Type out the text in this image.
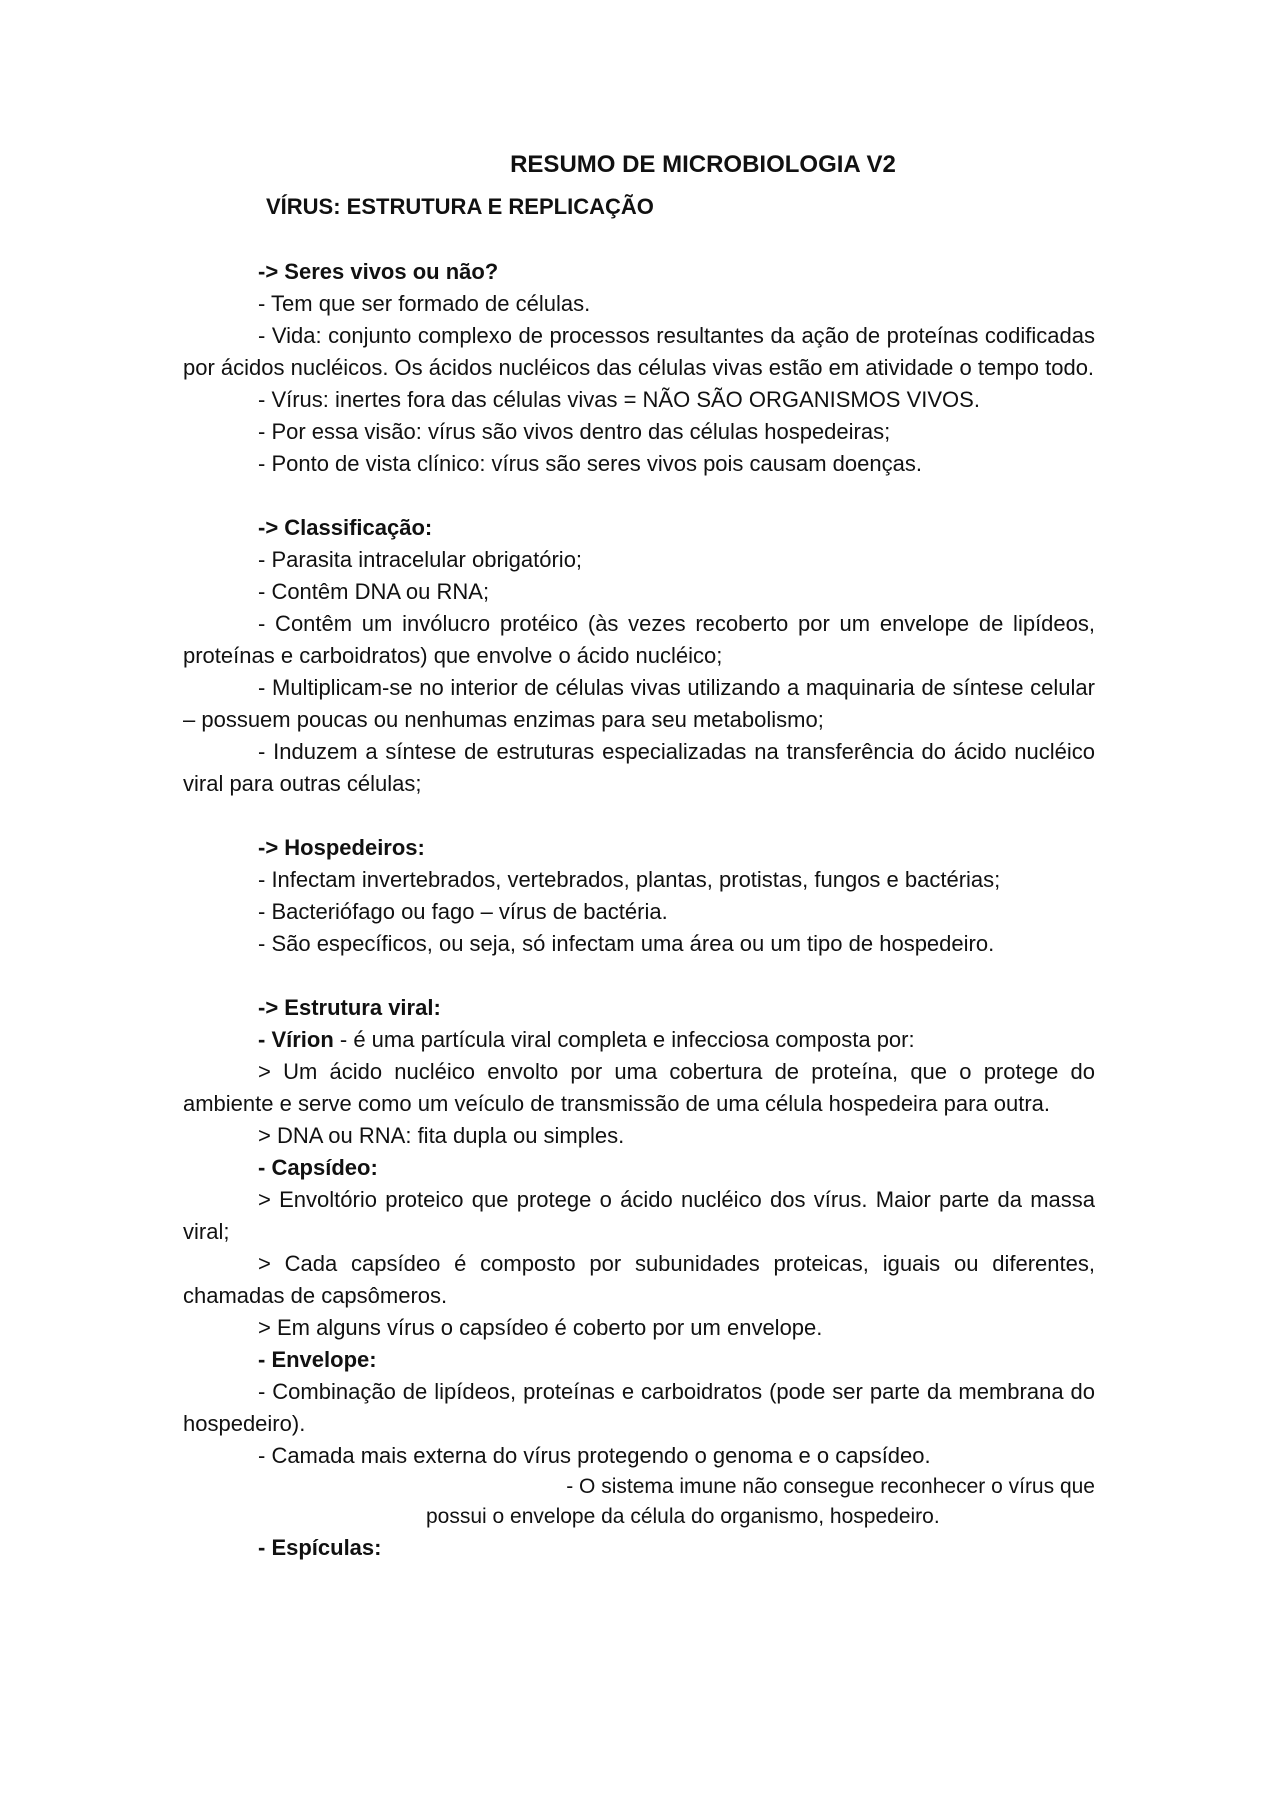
RESUMO DE MICROBIOLOGIA V2
VÍRUS: ESTRUTURA E REPLICAÇÃO

-> Seres vivos ou não?

- Tem que ser formado de células.

- Vida: conjunto complexo de processos resultantes da ação de proteínas codificadas por ácidos nucléicos. Os ácidos nucléicos das células vivas estão em atividade o tempo todo.

- Vírus: inertes fora das células vivas = NÃO SÃO ORGANISMOS VIVOS.

- Por essa visão: vírus são vivos dentro das células hospedeiras;

- Ponto de vista clínico: vírus são seres vivos pois causam doenças.

-> Classificação:

- Parasita intracelular obrigatório;

- Contêm DNA ou RNA;

- Contêm um invólucro protéico (às vezes recoberto por um envelope de lipídeos, proteínas e carboidratos) que envolve o ácido nucléico;

- Multiplicam-se no interior de células vivas utilizando a maquinaria de síntese celular – possuem poucas ou nenhumas enzimas para seu metabolismo;

- Induzem a síntese de estruturas especializadas na transferência do ácido nucléico viral para outras células;

-> Hospedeiros:

- Infectam invertebrados, vertebrados, plantas, protistas, fungos e bactérias;

- Bacteriófago ou fago – vírus de bactéria.

- São específicos, ou seja, só infectam uma área ou um tipo de hospedeiro.

-> Estrutura viral:

- Vírion - é uma partícula viral completa e infecciosa composta por:

> Um ácido nucléico envolto por uma cobertura de proteína, que o protege do ambiente e serve como um veículo de transmissão de uma célula hospedeira para outra.

> DNA ou RNA: fita dupla ou simples.

- Capsídeo:

> Envoltório proteico que protege o ácido nucléico dos vírus. Maior parte da massa viral;

> Cada capsídeo é composto por subunidades proteicas, iguais ou diferentes, chamadas de capsômeros.

> Em alguns vírus o capsídeo é coberto por um envelope.

- Envelope:

- Combinação de lipídeos, proteínas e carboidratos (pode ser parte da membrana do hospedeiro).

- Camada mais externa do vírus protegendo o genoma e o capsídeo.

- O sistema imune não consegue reconhecer o vírus que

possui o envelope da célula do organismo, hospedeiro.

- Espículas:
